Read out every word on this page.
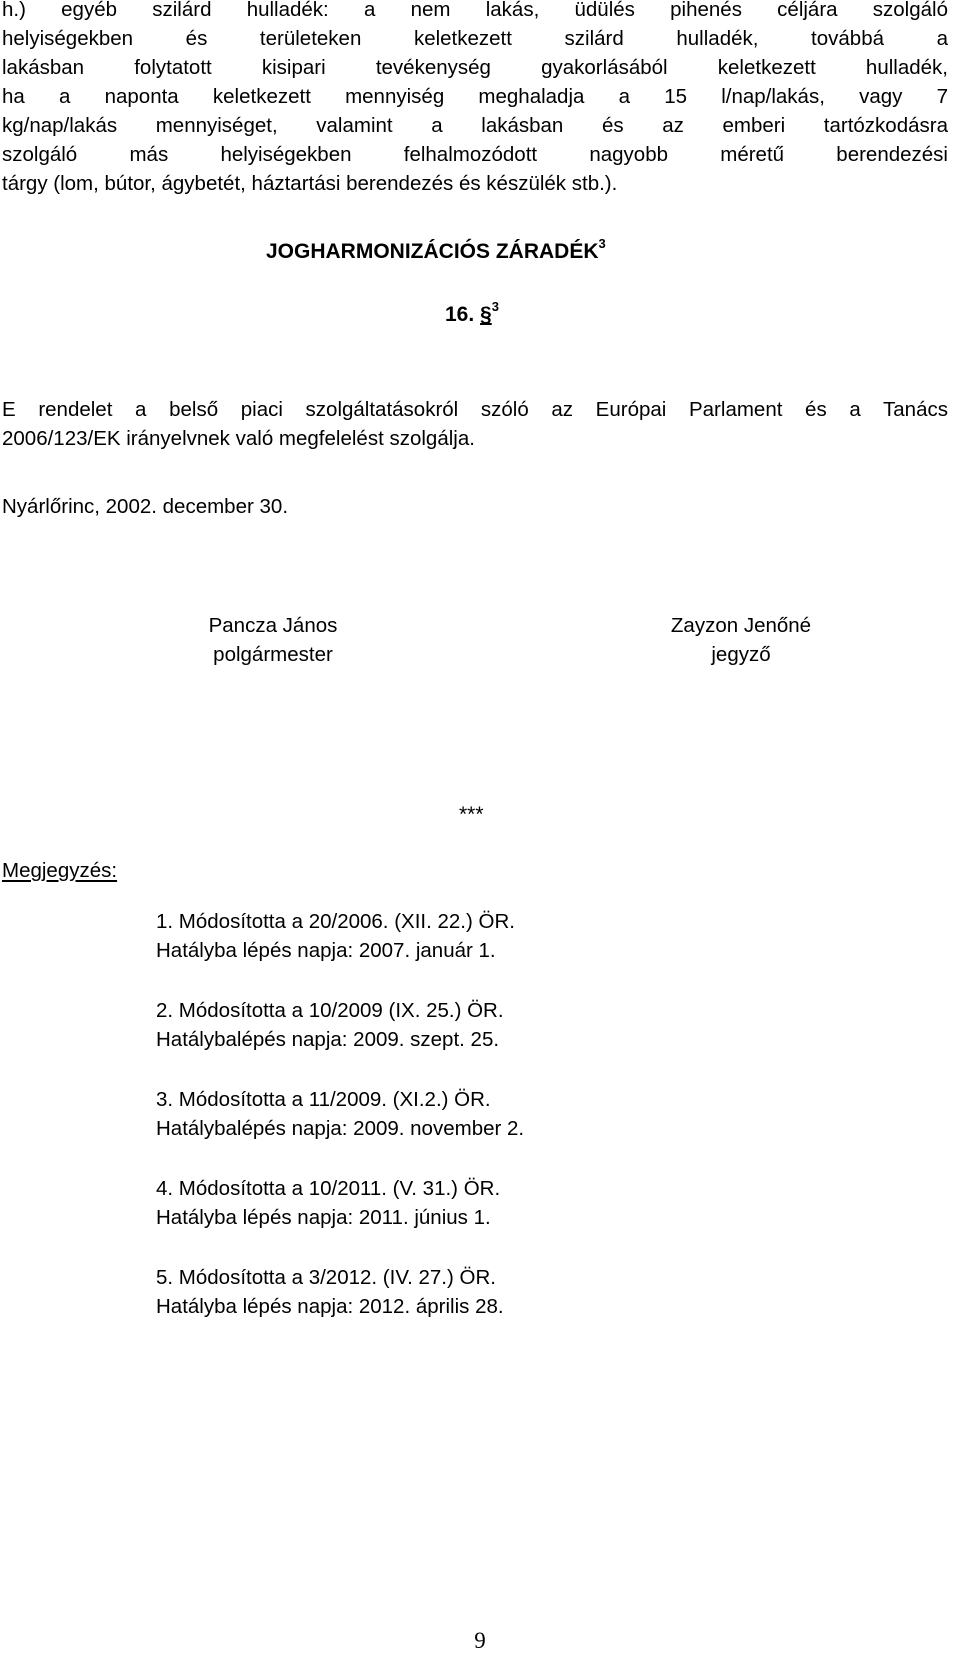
h.) egyéb szilárd hulladék: a nem lakás, üdülés pihenés céljára szolgáló
helyiségekben és területeken keletkezett szilárd hulladék, továbbá a
lakásban folytatott kisipari tevékenység gyakorlásából keletkezett hulladék,
ha a naponta keletkezett mennyiség meghaladja a 15 l/nap/lakás, vagy 7
kg/nap/lakás mennyiséget, valamint a lakásban és az emberi tartózkodásra
szolgáló más helyiségekben felhalmozódott nagyobb méretű berendezési
tárgy (lom, bútor, ágybetét, háztartási berendezés és készülék stb.).
JOGHARMONIZÁCIÓS ZÁRADÉK$^3$
16. §3
E rendelet a belső piaci szolgáltatásokról szóló az Európai Parlament és a Tanács
2006/123/EK irányelvnek való megfelelést szolgálja.
Nyárlőrinc, 2002. december 30.
Pancza János
polgármester
Zayzon Jenőné
jegyző
***
Megjegyzés:
1. Módosította a 20/2006. (XII. 22.) ÖR.
Hatályba lépés napja: 2007. január 1.
2. Módosította a 10/2009 (IX. 25.) ÖR.
Hatálybalépés napja: 2009. szept. 25.
3. Módosította a 11/2009. (XI.2.) ÖR.
Hatálybalépés napja: 2009. november 2.
4. Módosította a 10/2011. (V. 31.) ÖR.
Hatályba lépés napja: 2011. június 1.
5. Módosította a 3/2012. (IV. 27.) ÖR.
Hatályba lépés napja: 2012. április 28.
9
